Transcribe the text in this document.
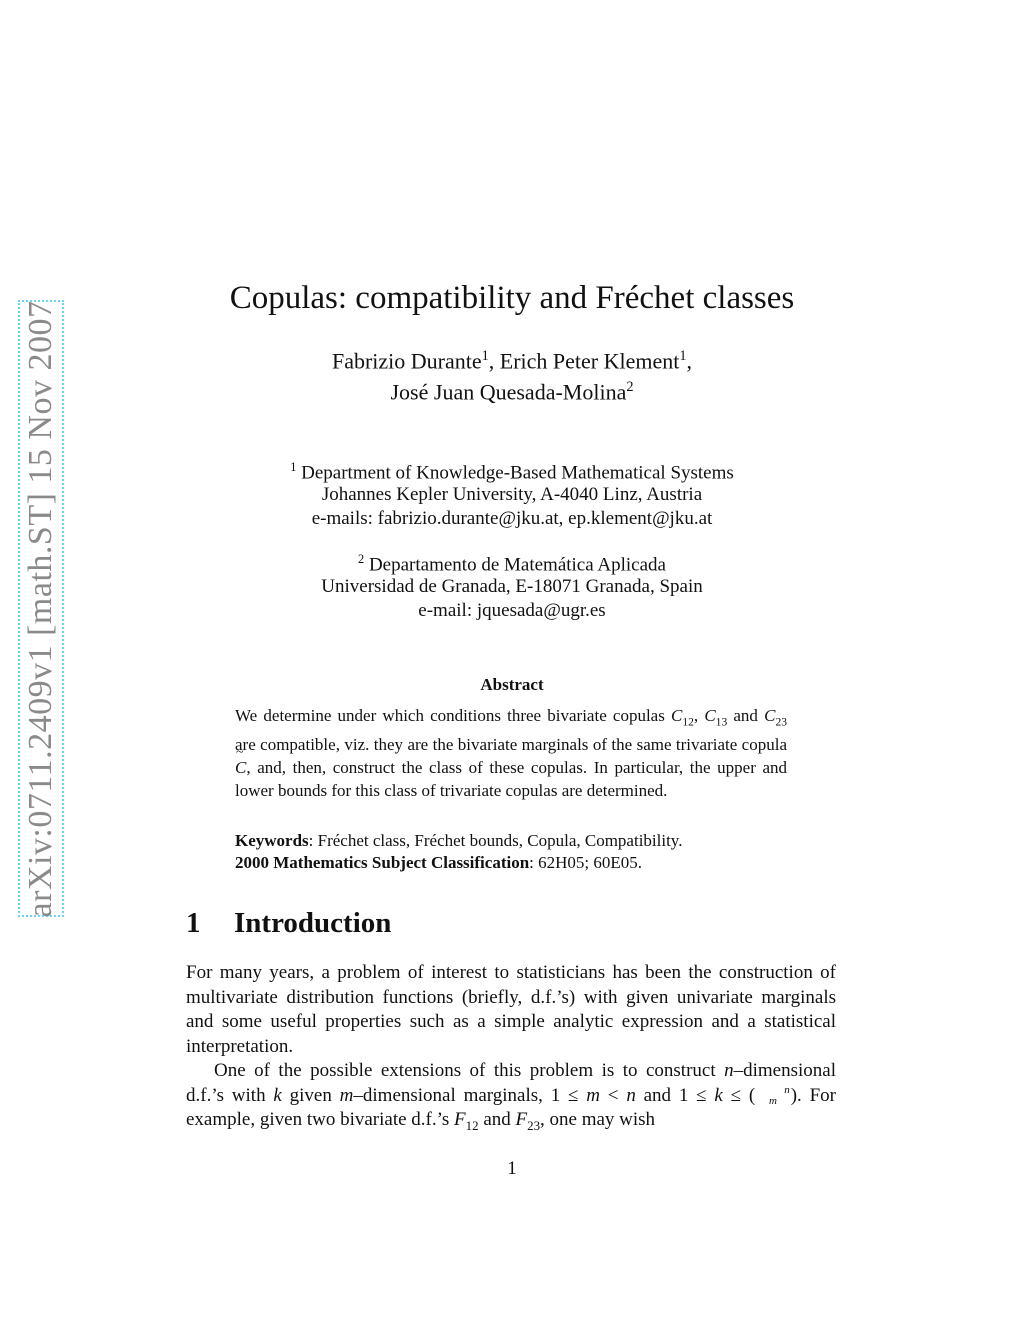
arXiv:0711.2409v1 [math.ST] 15 Nov 2007
Copulas: compatibility and Fréchet classes
Fabrizio Durante$^1$, Erich Peter Klement$^1$,
José Juan Quesada-Molina$^2$
$^1$ Department of Knowledge-Based Mathematical Systems
Johannes Kepler University, A-4040 Linz, Austria
e-mails: fabrizio.durante@jku.at, ep.klement@jku.at
$^2$ Departamento de Matemática Aplicada
Universidad de Granada, E-18071 Granada, Spain
e-mail: jquesada@ugr.es
Abstract
We determine under which conditions three bivariate copulas $C_{12}$, $C_{13}$ and $C_{23}$ are compatible, viz. they are the bivariate marginals of the same trivariate copula ~ C, and, then, construct the class of these copulas. In particular, the upper and lower bounds for this class of trivariate copulas are determined.
Keywords: Fréchet class, Fréchet bounds, Copula, Compatibility.
2000 Mathematics Subject Classification: 62H05; 60E05.
1 Introduction
For many years, a problem of interest to statisticians has been the construction of multivariate distribution functions (briefly, d.f.’s) with given univariate marginals and some useful properties such as a simple analytic expression and a statistical interpretation.
One of the possible extensions of this problem is to construct n–dimensional d.f.’s with k given m–dimensional marginals, 1 ≤ m < n and 1 ≤ k ≤ (	n
m ). For example, given two bivariate d.f.’s $F_{12}$ and $F_{23}$, one may wish
1
